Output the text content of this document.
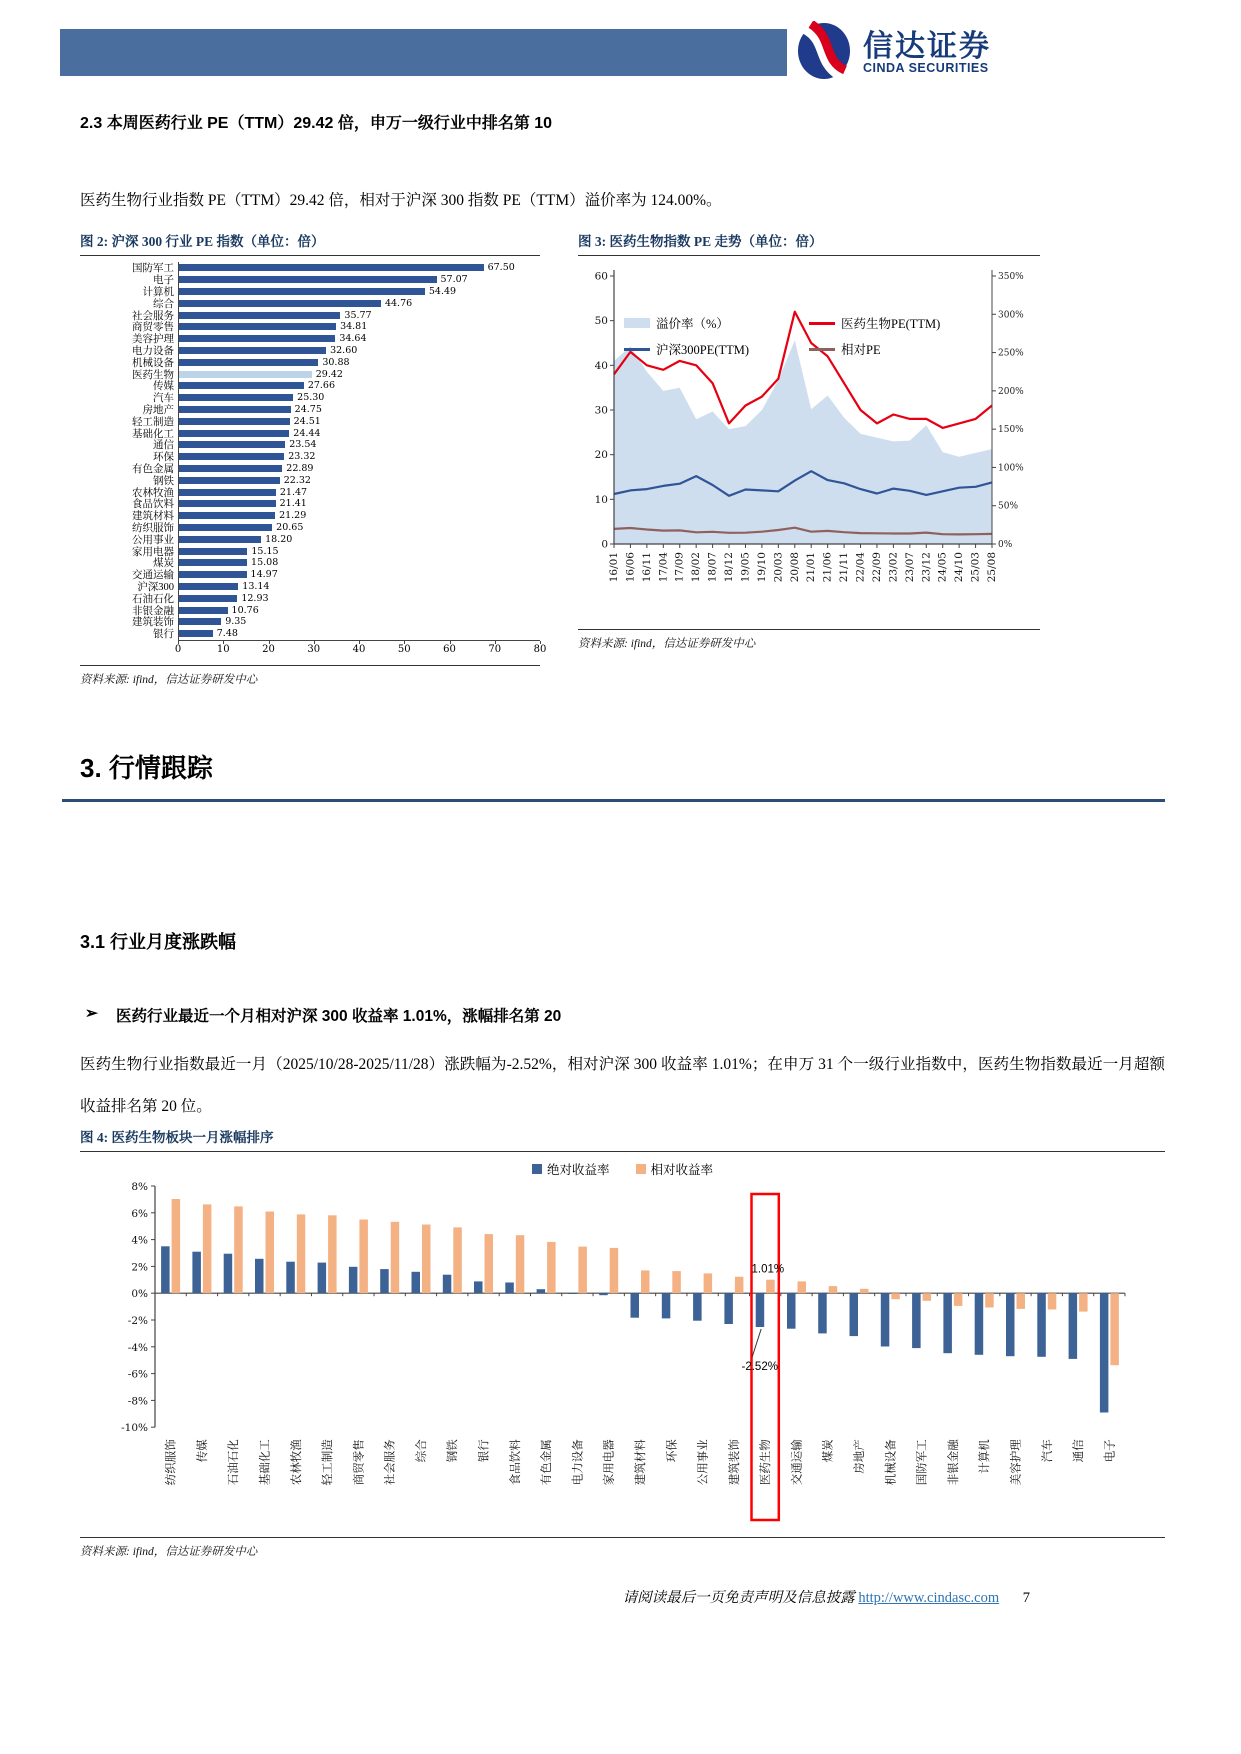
信达证券
CINDA SECURITIES
2.3 本周医药行业 PE（TTM）29.42 倍，申万一级行业中排名第 10
医药生物行业指数 PE（TTM）29.42 倍，相对于沪深 300 指数 PE（TTM）溢价率为 124.00%。
图 2: 沪深 300 行业 PE 指数（单位：倍）
国防军工	67.50
电子	57.07
计算机	54.49
综合	44.76
社会服务	35.77
商贸零售	34.81
美容护理	34.64
电力设备	32.60
机械设备	30.88
医药生物	29.42
传媒	27.66
汽车	25.30
房地产	24.75
轻工制造	24.51
基础化工	24.44
通信	23.54
环保	23.32
有色金属	22.89
钢铁	22.32
农林牧渔	21.47
食品饮料	21.41
建筑材料	21.29
纺织服饰	20.65
公用事业	18.20
家用电器	15.15
煤炭	15.08
交通运输	14.97
沪深300	13.14
石油石化	12.93
非银金融	10.76
建筑装饰	9.35
银行	7.48
0	10	20	30	40	50	60	70	80
资料来源: ifind，信达证券研发中心
图 3: 医药生物指数 PE 走势（单位：倍）
0
10
20
30
40
50
60
0%
50%
100%
150%
200%
250%
300%
350%
16/01 16/06 16/11 17/04 17/09 18/02 18/07 18/12 19/05 19/10 20/03 20/08 21/01 21/06 21/11 22/04 22/09 23/02 23/07 23/12 24/05 24/10 25/03 25/08
溢价率（%）	医药生物PE(TTM)
沪深300PE(TTM)	相对PE
资料来源: ifind，信达证券研发中心
3. 行情跟踪
3.1 行业月度涨跌幅
➢ 医药行业最近一个月相对沪深 300 收益率 1.01%，涨幅排名第 20
医药生物行业指数最近一月（2025/10/28-2025/11/28）涨跌幅为-2.52%，相对沪深 300 收益率 1.01%；在申万 31 个一级行业指数中，医药生物指数最近一月超额收益排名第 20 位。
图 4: 医药生物板块一月涨幅排序
绝对收益率	相对收益率
8%
6%
4%
2%
0%
-2%
-4%
-6%
-8%
-10%
纺织服饰 传媒 石油石化 基础化工 农林牧渔 轻工制造 商贸零售 社会服务 综合 钢铁 银行 食品饮料 有色金属 电力设备 家用电器 建筑材料 环保 公用事业 建筑装饰 医药生物 交通运输 煤炭 房地产 机械设备 国防军工 非银金融 计算机 美容护理 汽车 通信 电子
1.01%
-2.52%
资料来源: ifind，信达证券研发中心
请阅读最后一页免责声明及信息披露 http://www.cindasc.com 7
